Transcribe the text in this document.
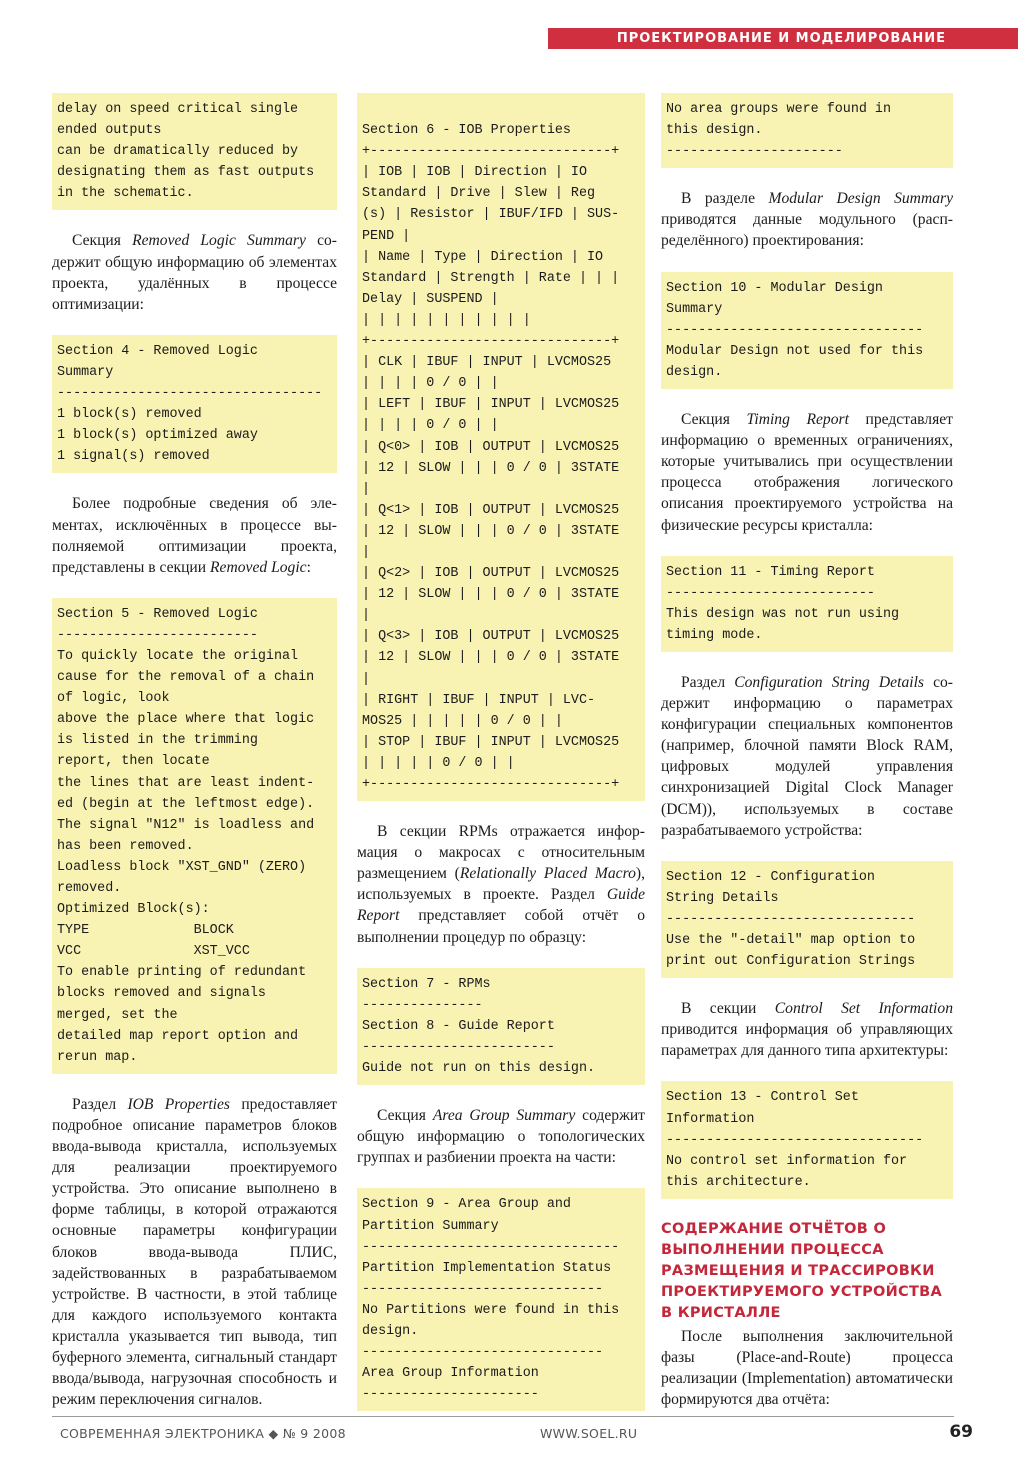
ПРОЕКТИРОВАНИЕ И МОДЕЛИРОВАНИЕ
delay on speed critical single
ended outputs
can be dramatically reduced by
designating them as fast outputs
in the schematic.

Секция Removed Logic Summary содержит общую информацию об элементах проекта, удалённых в процессе оптимизации:

Section 4 - Removed Logic
Summary
---------------------------------
1 block(s) removed
1 block(s) optimized away
1 signal(s) removed

Более подробные сведения об элементах, исключённых в процессе выполняемой оптимизации проекта, представлены в секции Removed Logic:

Section 5 - Removed Logic
-------------------------
To quickly locate the original
cause for the removal of a chain
of logic, look
above the place where that logic
is listed in the trimming
report, then locate
the lines that are least indent-
ed (begin at the leftmost edge).
The signal "N12" is loadless and
has been removed.
Loadless block "XST_GND" (ZERO)
removed.
Optimized Block(s):
TYPE             BLOCK
VCC              XST_VCC
To enable printing of redundant
blocks removed and signals
merged, set the
detailed map report option and
rerun map.

Раздел IOB Properties предоставляет подробное описание параметров блоков ввода-вывода кристалла, используемых для реализации проектируемого устройства. Это описание выполнено в форме таблицы, в которой отражаются основные параметры конфигурации блоков ввода-вывода ПЛИС, задействованных в разрабатываемом устройстве. В частности, в этой таблице для каждого используемого контакта кристалла указывается тип вывода, тип буферного элемента, сигнальный стандарт ввода/вывода, нагрузочная способность и режим переключения сигналов.

Section 6 - IOB Properties
+------------------------------+
| IOB | IOB | Direction | IO
Standard | Drive | Slew | Reg
(s) | Resistor | IBUF/IFD | SUS-
PEND |
| Name | Type | Direction | IO
Standard | Strength | Rate | | |
Delay | SUSPEND |
| | | | | | | | | | |
+------------------------------+
| CLK | IBUF | INPUT | LVCMOS25
| | | | 0 / 0 | |
| LEFT | IBUF | INPUT | LVCMOS25
| | | | 0 / 0 | |
| Q<0> | IOB | OUTPUT | LVCMOS25
| 12 | SLOW | | | 0 / 0 | 3STATE
|
| Q<1> | IOB | OUTPUT | LVCMOS25
| 12 | SLOW | | | 0 / 0 | 3STATE
|
| Q<2> | IOB | OUTPUT | LVCMOS25
| 12 | SLOW | | | 0 / 0 | 3STATE
|
| Q<3> | IOB | OUTPUT | LVCMOS25
| 12 | SLOW | | | 0 / 0 | 3STATE
|
| RIGHT | IBUF | INPUT | LVC-
MOS25 | | | | | 0 / 0 | |
| STOP | IBUF | INPUT | LVCMOS25
| | | | | 0 / 0 | |
+------------------------------+

В секции RPMs отражается информация о макросах с относительным размещением (Relationally Placed Macro), используемых в проекте. Раздел Guide Report представляет собой отчёт о выполнении процедур по образцу:

Section 7 - RPMs
---------------
Section 8 - Guide Report
------------------------
Guide not run on this design.

Секция Area Group Summary содержит общую информацию о топологических группах и разбиении проекта на части:

Section 9 - Area Group and
Partition Summary
--------------------------------
Partition Implementation Status
------------------------------
No Partitions were found in this
design.
------------------------------
Area Group Information
----------------------
No area groups were found in
this design.
----------------------

В разделе Modular Design Summary приводятся данные модульного (распределённого) проектирования:

Section 10 - Modular Design
Summary
--------------------------------
Modular Design not used for this
design.

Секция Timing Report представляет информацию о временных ограничениях, которые учитывались при осуществлении процесса отображения логического описания проектируемого устройства на физические ресурсы кристалла:

Section 11 - Timing Report
--------------------------
This design was not run using
timing mode.

Раздел Configuration String Details содержит информацию о параметрах конфигурации специальных компонентов (например, блочной памяти Block RAM, цифровых модулей управления синхронизацией Digital Clock Manager (DCM)), используемых в составе разрабатываемого устройства:

Section 12 - Configuration
String Details
-------------------------------
Use the "-detail" map option to
print out Configuration Strings

В секции Control Set Information приводится информация об управляющих параметрах для данного типа архитектуры:

Section 13 - Control Set
Information
--------------------------------
No control set information for
this architecture.
СОДЕРЖАНИЕ ОТЧЁТОВ О ВЫПОЛНЕНИИ ПРОЦЕССА РАЗМЕЩЕНИЯ И ТРАССИРОВКИ ПРОЕКТИРУЕМОГО УСТРОЙСТВА В КРИСТАЛЛЕ

После выполнения заключительной фазы (Place-and-Route) процесса реализации (Implementation) автоматически формируются два отчёта:

СОВРЕМЕННАЯ ЭЛЕКТРОНИКА ◆ № 9 2008	WWW.SOEL.RU	69
